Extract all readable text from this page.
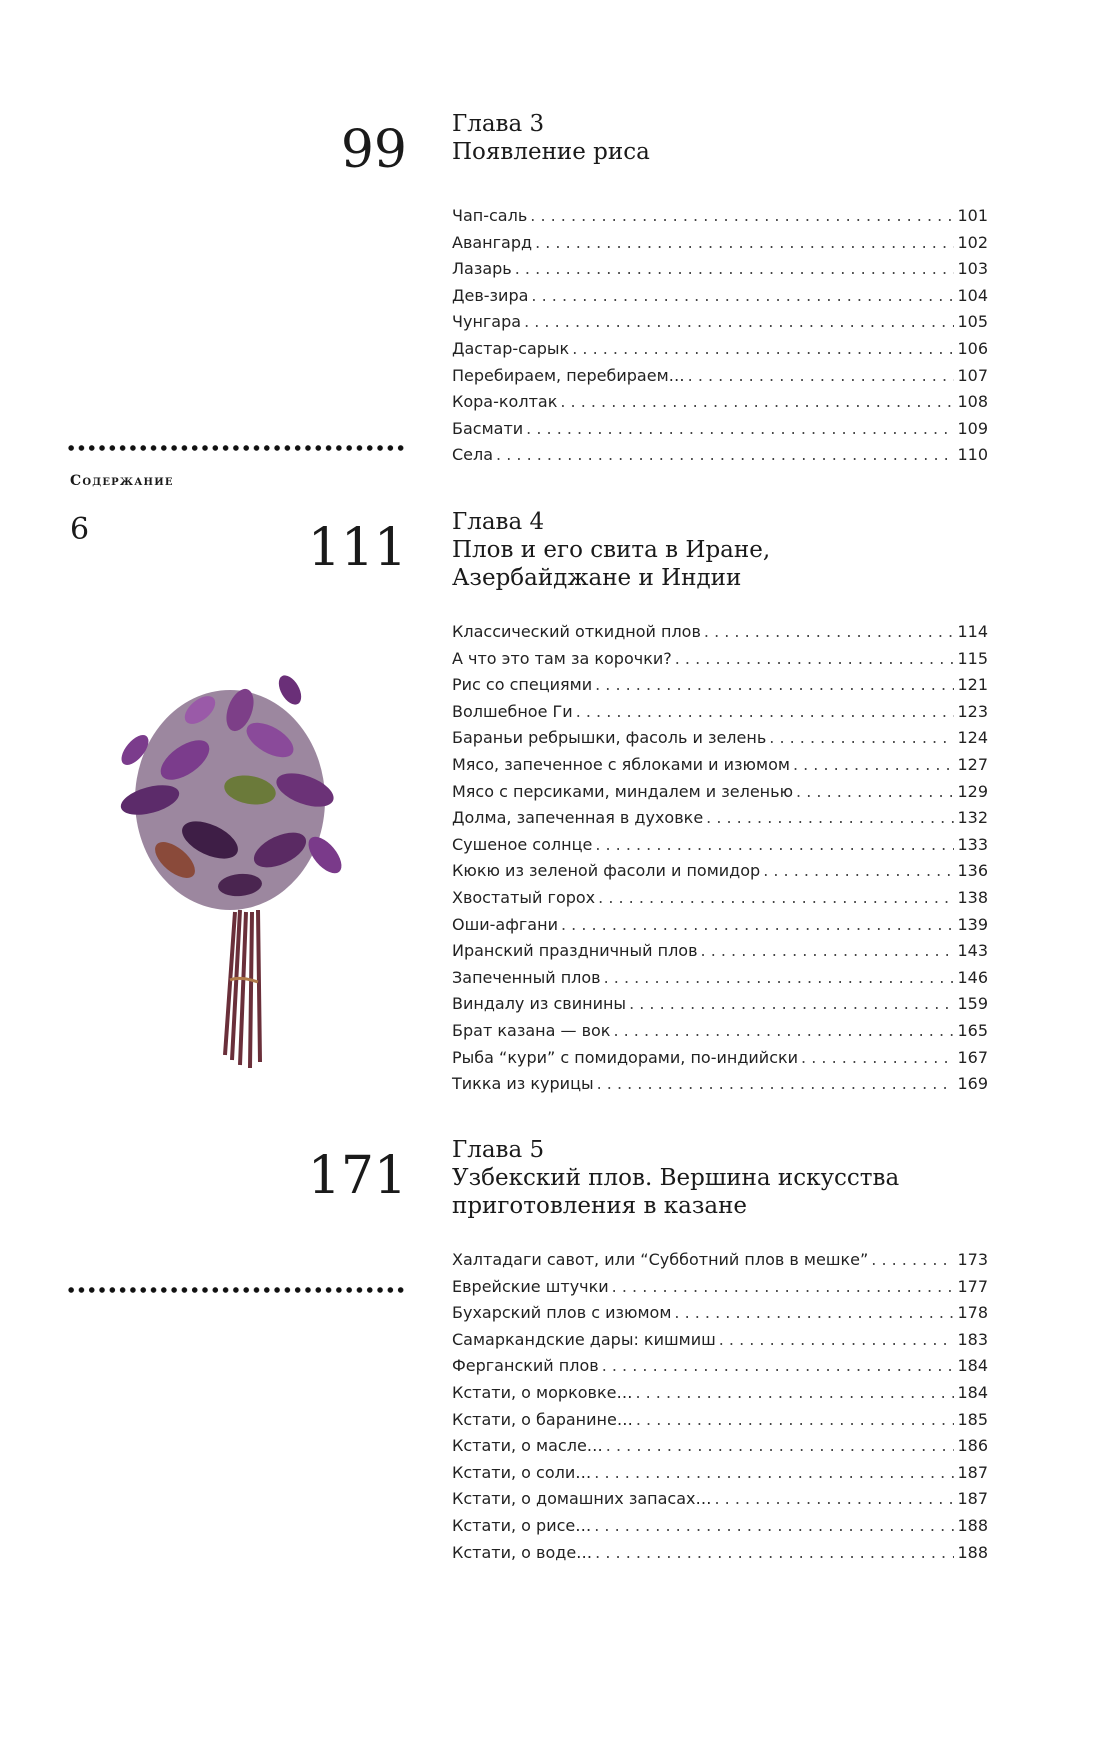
Содержание
6
99 Глава 3
Появление риса
Чап-саль . . .	101
Авангард . . .	102
Лазарь . . .	103
Дев-зира . . .	104
Чунгара . . .	105
Дастар-сарык . . .	106
Перебираем, перебираем… . . .	107
Кора-колтак . . .	108
Басмати . . .	109
Села . . .	110
111 Глава 4
Плов и его свита в Иране,
Азербайджане и Индии
Классический откидной плов . . .	114
А что это там за корочки? . . .	115
Рис со специями . . .	121
Волшебное Ги . . .	123
Бараньи ребрышки, фасоль и зелень . . .	124
Мясо, запеченное с яблоками и изюмом . . .	127
Мясо с персиками, миндалем и зеленью . . .	129
Долма, запеченная в духовке . . .	132
Сушеное солнце . . .	133
Кюкю из зеленой фасоли и помидор . . .	136
Хвостатый горох . . .	138
Оши-афгани . . .	139
Иранский праздничный плов . . .	143
Запеченный плов . . .	146
Виндалу из свинины . . .	159
Брат казана — вок . . .	165
Рыба “кури” с помидорами, по-индийски . . .	167
Тикка из курицы . . .	169
171 Глава 5
Узбекский плов. Вершина искусства
приготовления в казане
Халтадаги савот, или “Субботний плов в мешке” . . .	173
Еврейские штучки . . .	177
Бухарский плов с изюмом . . .	178
Самаркандские дары: кишмиш . . .	183
Ферганский плов . . .	184
Кстати, о морковке… . . .	184
Кстати, о баранине… . . .	185
Кстати, о масле… . . .	186
Кстати, о соли… . . .	187
Кстати, о домашних запасах… . . .	187
Кстати, о рисе… . . .	188
Кстати, о воде… . . .	188
